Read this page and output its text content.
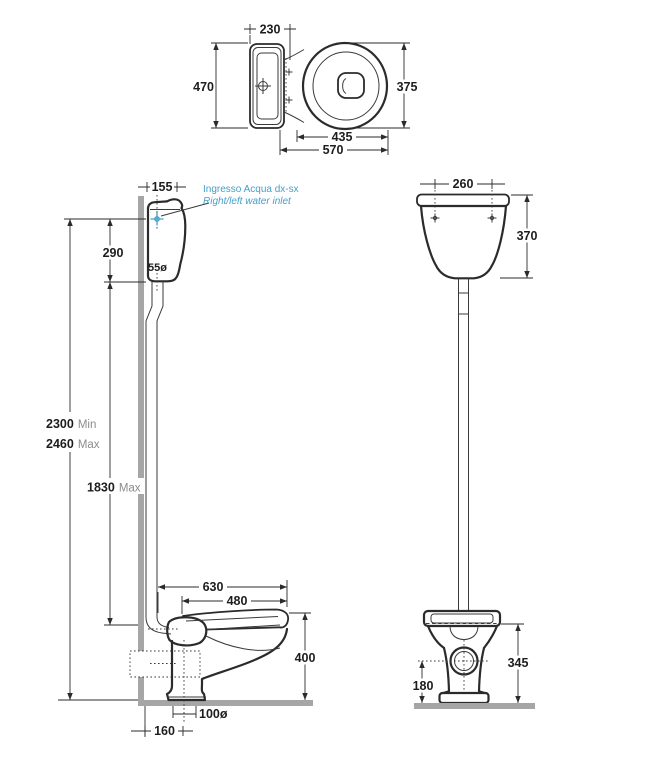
230
470	375
435
570
55ø
Ingresso Acqua dx-sx
Right/left water inlet
155
290
2300 Min
2460 Max
1830 Max
630
480
400
100ø
160
260
370
345
180
